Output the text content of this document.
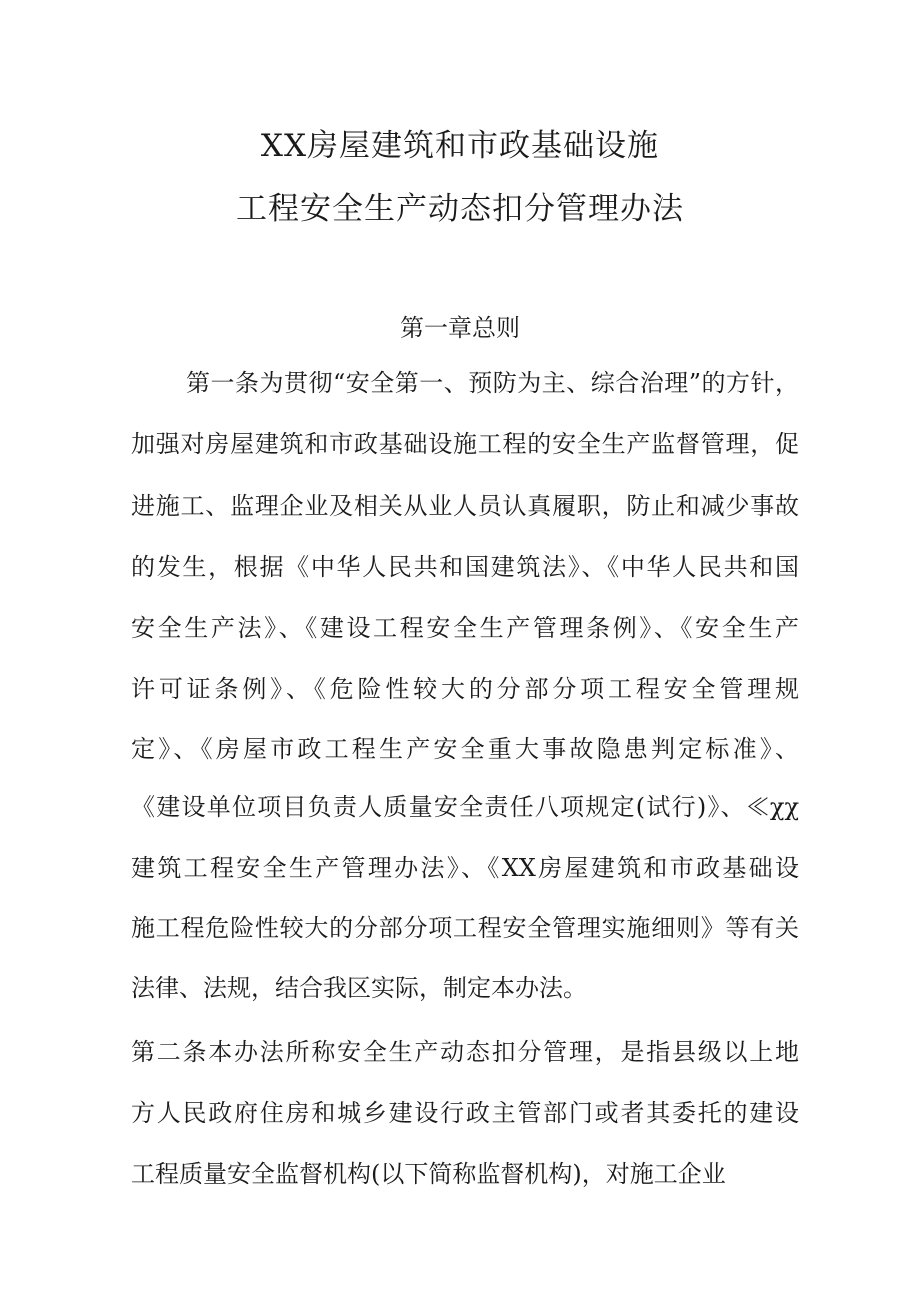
XX房屋建筑和市政基础设施
工程安全生产动态扣分管理办法
第一章总则
第一条为贯彻“安全第一、预防为主、综合治理”的方针，
加强对房屋建筑和市政基础设施工程的安全生产监督管理，促
进施工、监理企业及相关从业人员认真履职，防止和减少事故
的发生，根据《中华人民共和国建筑法》、《中华人民共和国
安全生产法》、《建设工程安全生产管理条例》、《安全生产
许可证条例》、《危险性较大的分部分项工程安全管理规
定》、《房屋市政工程生产安全重大事故隐患判定标准》、
《建设单位项目负责人质量安全责任八项规定(试行)》、≪χχ
建筑工程安全生产管理办法》、《XX房屋建筑和市政基础设
施工程危险性较大的分部分项工程安全管理实施细则》等有关
法律、法规，结合我区实际，制定本办法。
第二条本办法所称安全生产动态扣分管理，是指县级以上地
方人民政府住房和城乡建设行政主管部门或者其委托的建设
工程质量安全监督机构(以下简称监督机构)，对施工企业
